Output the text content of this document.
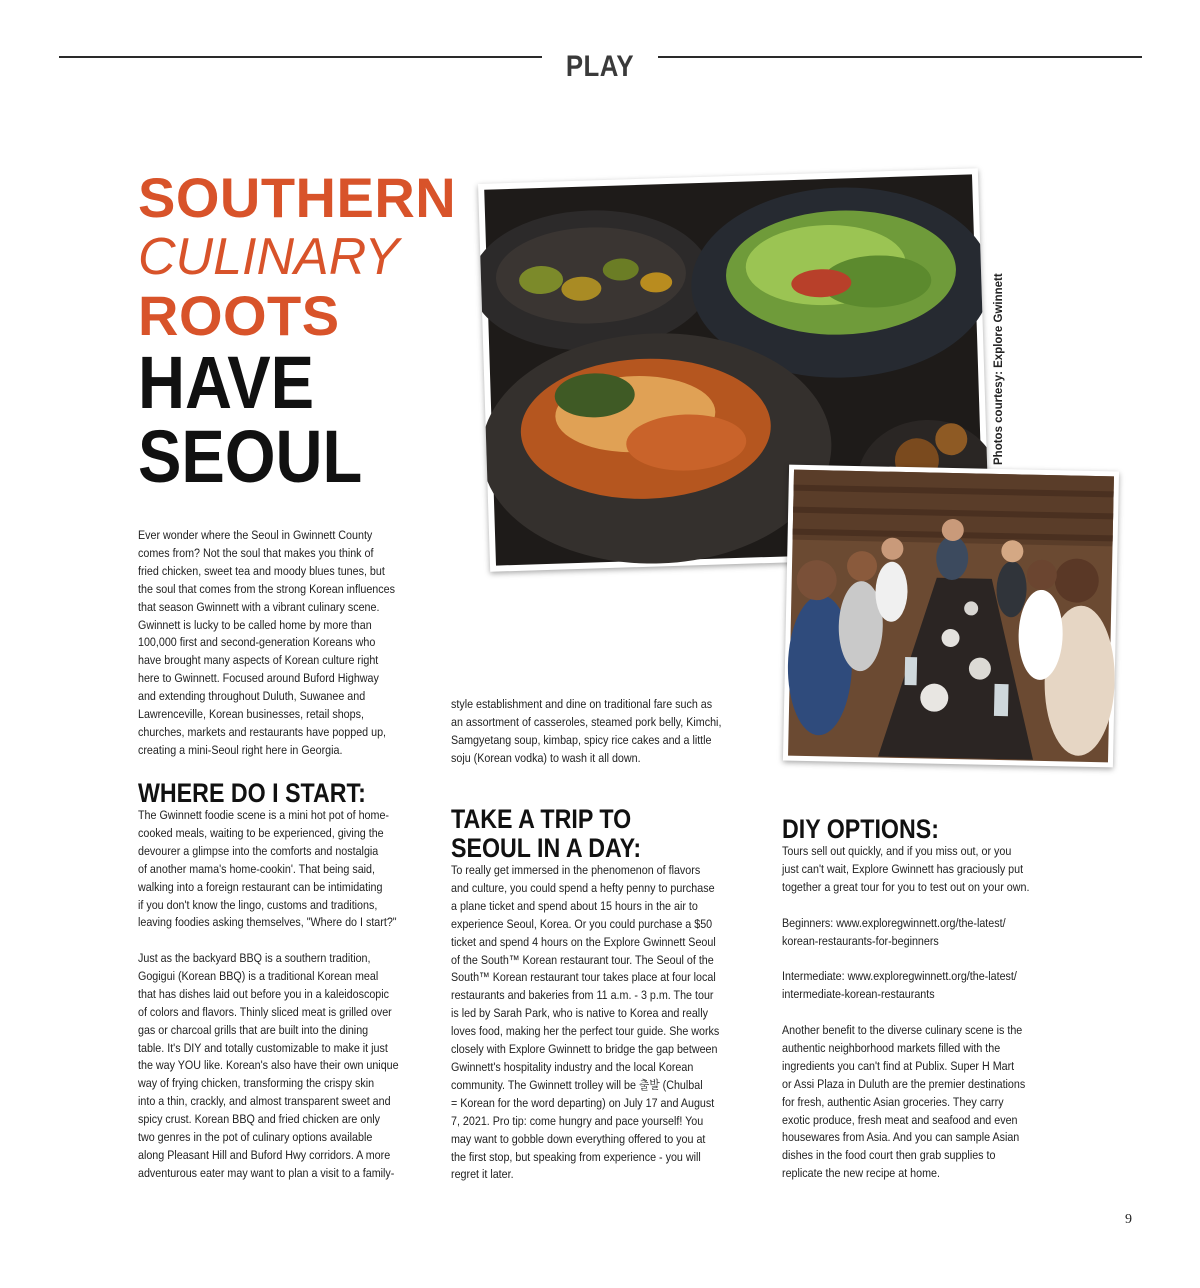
PLAY
SOUTHERN
CULINARY
ROOTS
HAVE
SEOUL	Photos courtesy: Explore Gwinnett
Ever wonder where the Seoul in Gwinnett County
comes from? Not the soul that makes you think of
fried chicken, sweet tea and moody blues tunes, but
the soul that comes from the strong Korean influences
that season Gwinnett with a vibrant culinary scene.
Gwinnett is lucky to be called home by more than
100,000 first and second-generation Koreans who
have brought many aspects of Korean culture right
here to Gwinnett. Focused around Buford Highway
and extending throughout Duluth, Suwanee and
Lawrenceville, Korean businesses, retail shops,
churches, markets and restaurants have popped up,
creating a mini-Seoul right here in Georgia.
WHERE DO I START:
The Gwinnett foodie scene is a mini hot pot of home-
cooked meals, waiting to be experienced, giving the
devourer a glimpse into the comforts and nostalgia
of another mama's home-cookin'. That being said,
walking into a foreign restaurant can be intimidating
if you don't know the lingo, customs and traditions,
leaving foodies asking themselves, "Where do I start?"
Just as the backyard BBQ is a southern tradition,
Gogigui (Korean BBQ) is a traditional Korean meal
that has dishes laid out before you in a kaleidoscopic
of colors and flavors. Thinly sliced meat is grilled over
gas or charcoal grills that are built into the dining
table. It's DIY and totally customizable to make it just
the way YOU like. Korean's also have their own unique
way of frying chicken, transforming the crispy skin
into a thin, crackly, and almost transparent sweet and
spicy crust. Korean BBQ and fried chicken are only
two genres in the pot of culinary options available
along Pleasant Hill and Buford Hwy corridors. A more
adventurous eater may want to plan a visit to a family-
style establishment and dine on traditional fare such as
an assortment of casseroles, steamed pork belly, Kimchi,
Samgyetang soup, kimbap, spicy rice cakes and a little
soju (Korean vodka) to wash it all down.
TAKE A TRIP TO
SEOUL IN A DAY:
To really get immersed in the phenomenon of flavors
and culture, you could spend a hefty penny to purchase
a plane ticket and spend about 15 hours in the air to
experience Seoul, Korea. Or you could purchase a $50
ticket and spend 4 hours on the Explore Gwinnett Seoul
of the South™ Korean restaurant tour. The Seoul of the
South™ Korean restaurant tour takes place at four local
restaurants and bakeries from 11 a.m. - 3 p.m. The tour
is led by Sarah Park, who is native to Korea and really
loves food, making her the perfect tour guide. She works
closely with Explore Gwinnett to bridge the gap between
Gwinnett's hospitality industry and the local Korean
community. The Gwinnett trolley will be 출발 (Chulbal
= Korean for the word departing) on July 17 and August
7, 2021. Pro tip: come hungry and pace yourself! You
may want to gobble down everything offered to you at
the first stop, but speaking from experience - you will
regret it later.
DIY OPTIONS:
Tours sell out quickly, and if you miss out, or you
just can't wait, Explore Gwinnett has graciously put
together a great tour for you to test out on your own.
Beginners: www.exploregwinnett.org/the-latest/
korean-restaurants-for-beginners
Intermediate: www.exploregwinnett.org/the-latest/
intermediate-korean-restaurants
Another benefit to the diverse culinary scene is the
authentic neighborhood markets filled with the
ingredients you can't find at Publix. Super H Mart
or Assi Plaza in Duluth are the premier destinations
for fresh, authentic Asian groceries. They carry
exotic produce, fresh meat and seafood and even
housewares from Asia. And you can sample Asian
dishes in the food court then grab supplies to
replicate the new recipe at home.
9
